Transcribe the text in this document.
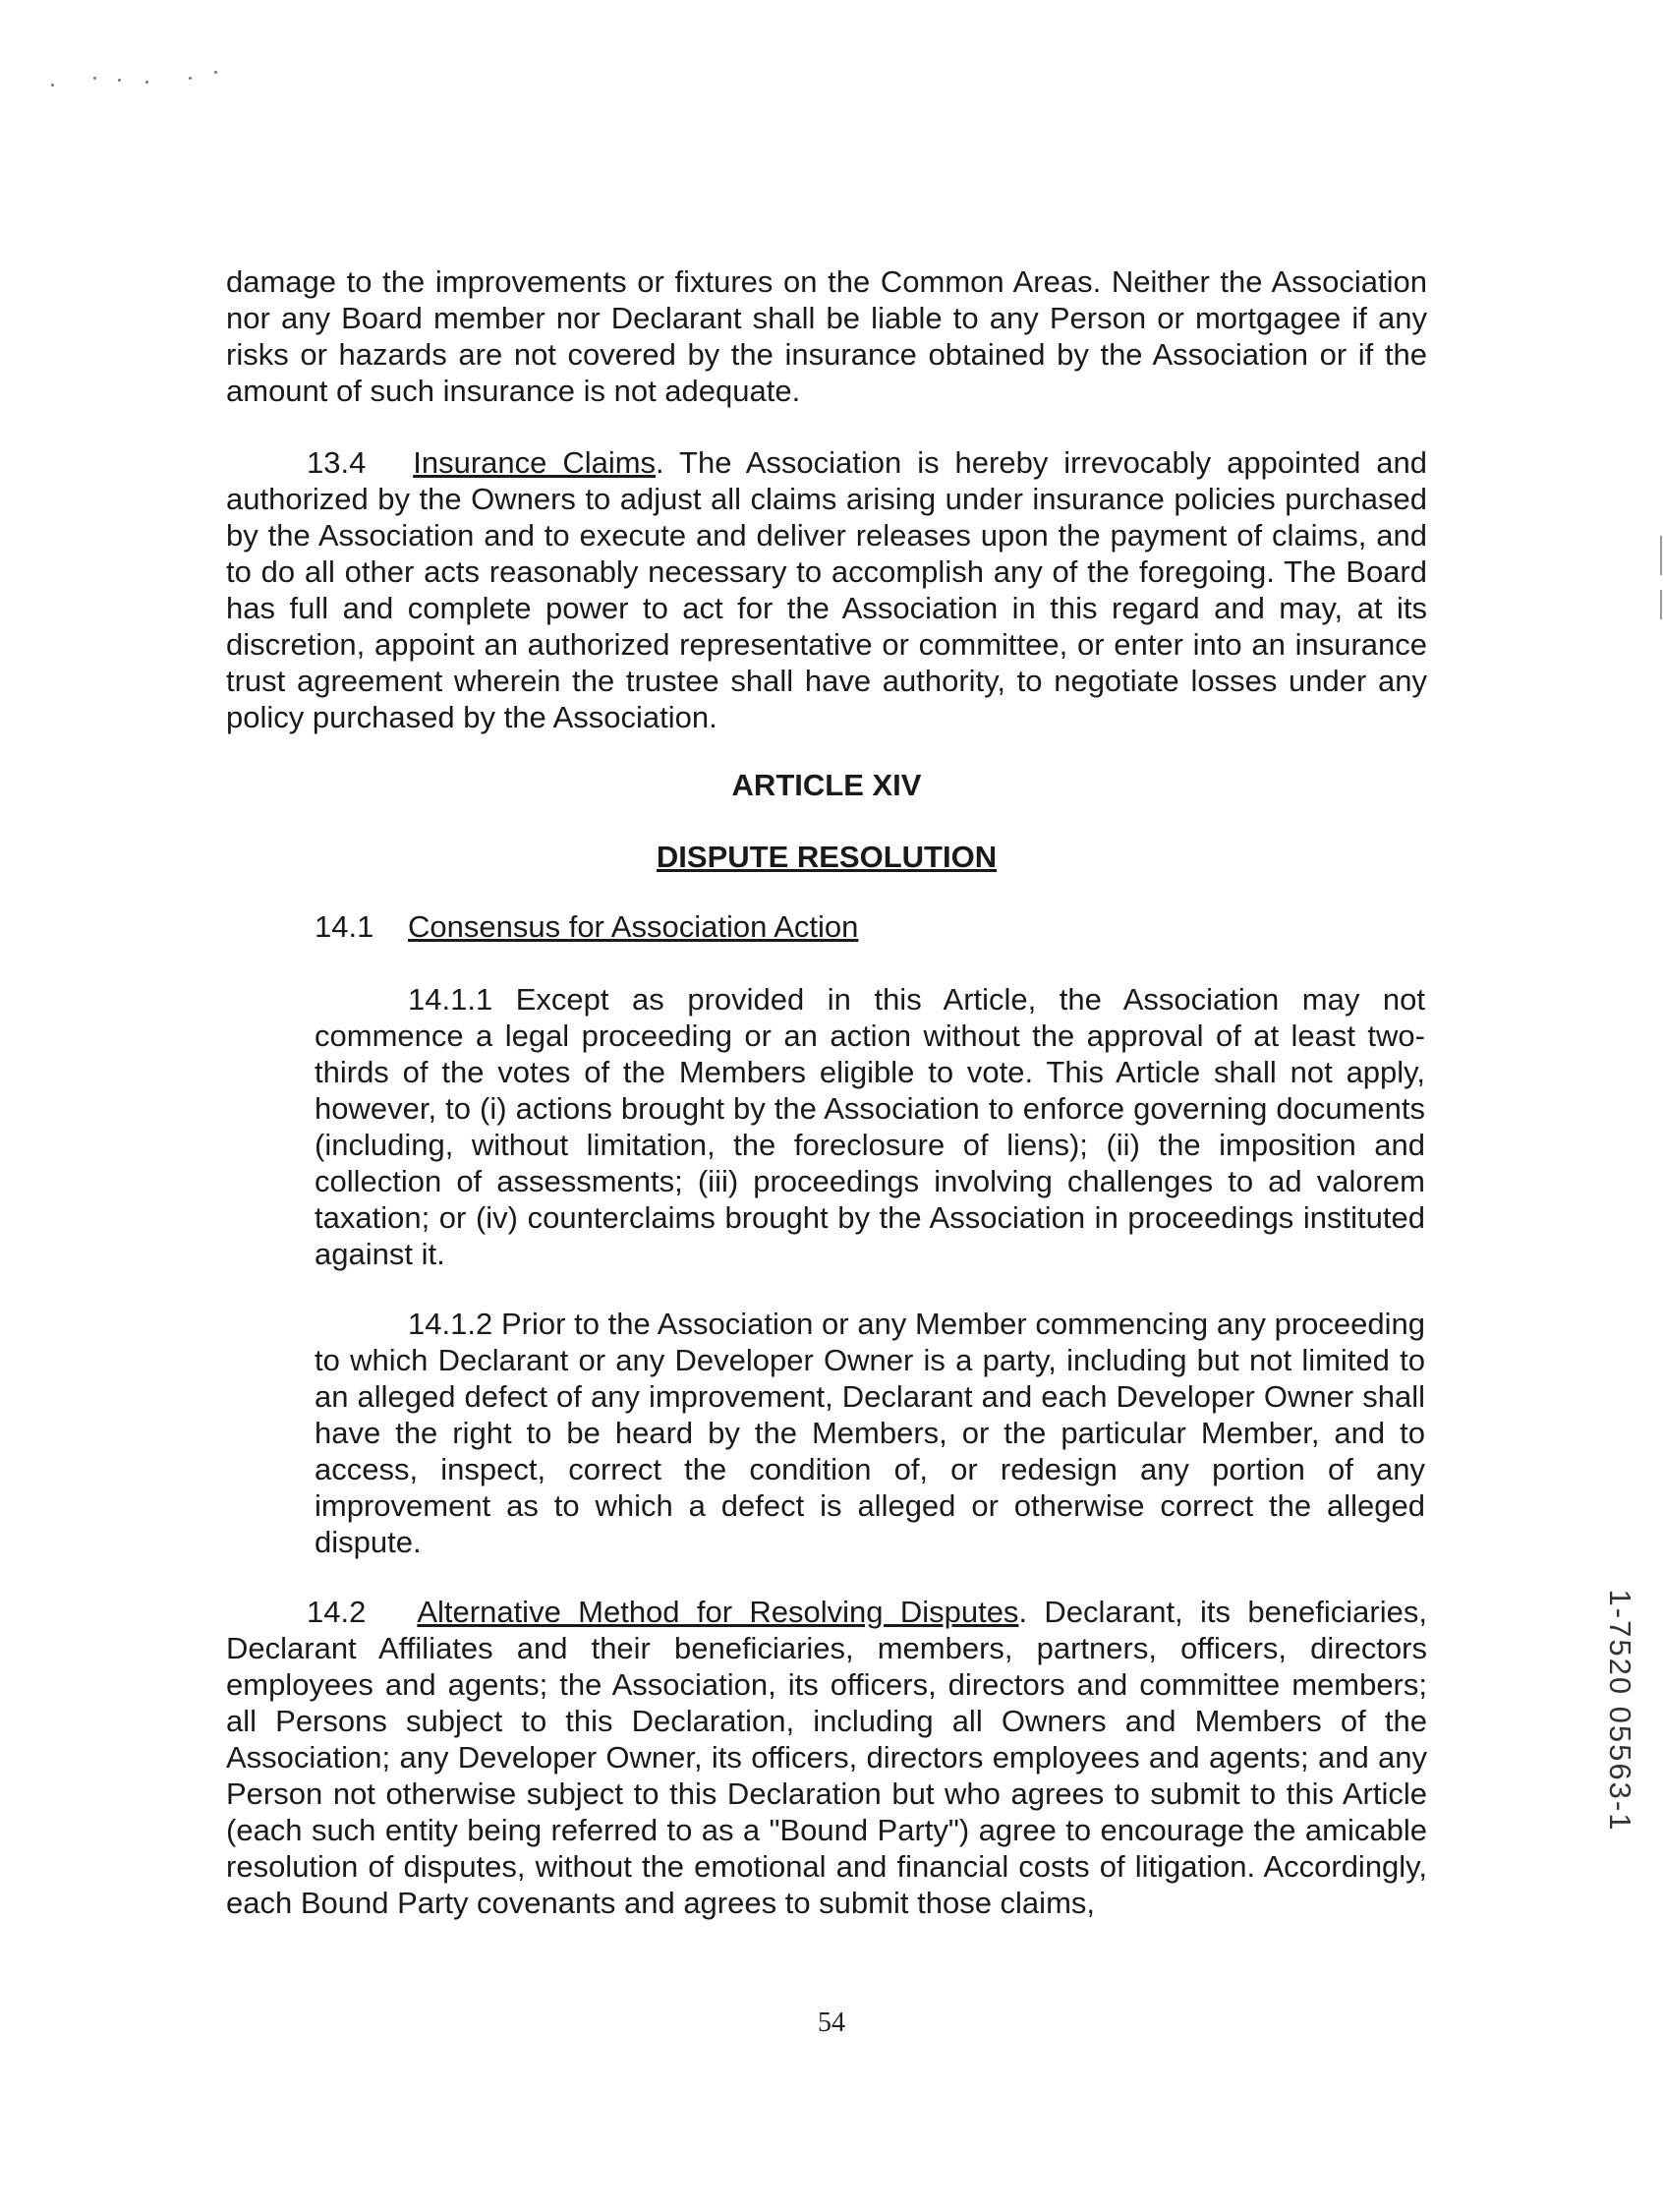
damage to the improvements or fixtures on the Common Areas. Neither the Association nor any Board member nor Declarant shall be liable to any Person or mortgagee if any risks or hazards are not covered by the insurance obtained by the Association or if the amount of such insurance is not adequate.

13.4 Insurance Claims. The Association is hereby irrevocably appointed and authorized by the Owners to adjust all claims arising under insurance policies purchased by the Association and to execute and deliver releases upon the payment of claims, and to do all other acts reasonably necessary to accomplish any of the foregoing. The Board has full and complete power to act for the Association in this regard and may, at its discretion, appoint an authorized representative or committee, or enter into an insurance trust agreement wherein the trustee shall have authority, to negotiate losses under any policy purchased by the Association.

ARTICLE XIV
DISPUTE RESOLUTION
14.1 Consensus for Association Action
14.1.1 Except as provided in this Article, the Association may not commence a legal proceeding or an action without the approval of at least two-thirds of the votes of the Members eligible to vote. This Article shall not apply, however, to (i) actions brought by the Association to enforce governing documents (including, without limitation, the foreclosure of liens); (ii) the imposition and collection of assessments; (iii) proceedings involving challenges to ad valorem taxation; or (iv) counterclaims brought by the Association in proceedings instituted against it.
14.1.2 Prior to the Association or any Member commencing any proceeding to which Declarant or any Developer Owner is a party, including but not limited to an alleged defect of any improvement, Declarant and each Developer Owner shall have the right to be heard by the Members, or the particular Member, and to access, inspect, correct the condition of, or redesign any portion of any improvement as to which a defect is alleged or otherwise correct the alleged dispute.

14.2 Alternative Method for Resolving Disputes. Declarant, its beneficiaries, Declarant Affiliates and their beneficiaries, members, partners, officers, directors employees and agents; the Association, its officers, directors and committee members; all Persons subject to this Declaration, including all Owners and Members of the Association; any Developer Owner, its officers, directors employees and agents; and any Person not otherwise subject to this Declaration but who agrees to submit to this Article (each such entity being referred to as a "Bound Party") agree to encourage the amicable resolution of disputes, without the emotional and financial costs of litigation. Accordingly, each Bound Party covenants and agrees to submit those claims,

1-7520 05563-1
54
